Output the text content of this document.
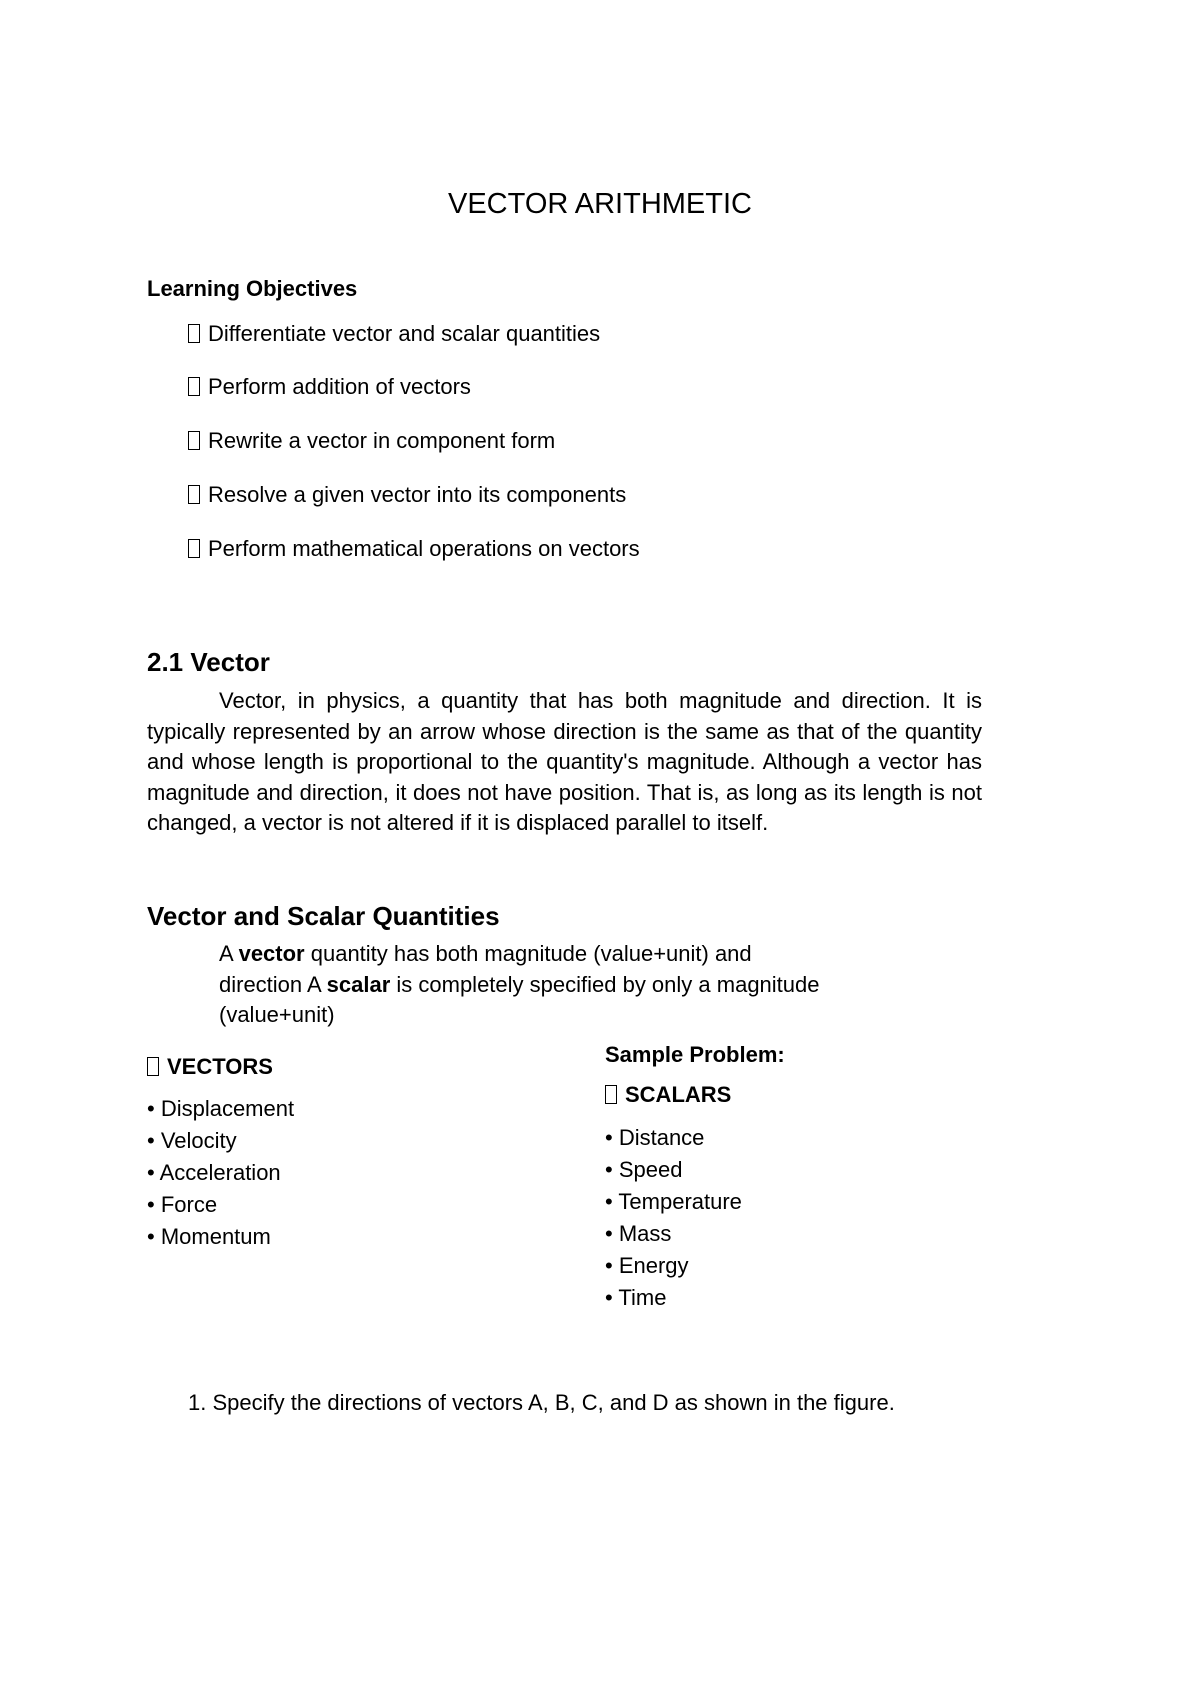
VECTOR ARITHMETIC
Learning Objectives
Differentiate vector and scalar quantities
Perform addition of vectors
Rewrite a vector in component form
Resolve a given vector into its components
Perform mathematical operations on vectors
2.1 Vector

Vector, in physics, a quantity that has both magnitude and direction. It is typically represented by an arrow whose direction is the same as that of the quantity and whose length is proportional to the quantity's magnitude. Although a vector has magnitude and direction, it does not have position. That is, as long as its length is not changed, a vector is not altered if it is displaced parallel to itself.

Vector and Scalar Quantities

A vector quantity has both magnitude (value+unit) and direction A scalar is completely specified by only a magnitude (value+unit)

VECTORS
• Displacement
• Velocity
• Acceleration
• Force
• Momentum
Sample Problem:
SCALARS
• Distance
• Speed
• Temperature
• Mass
• Energy
• Time
1. Specify the directions of vectors A, B, C, and D as shown in the figure.
